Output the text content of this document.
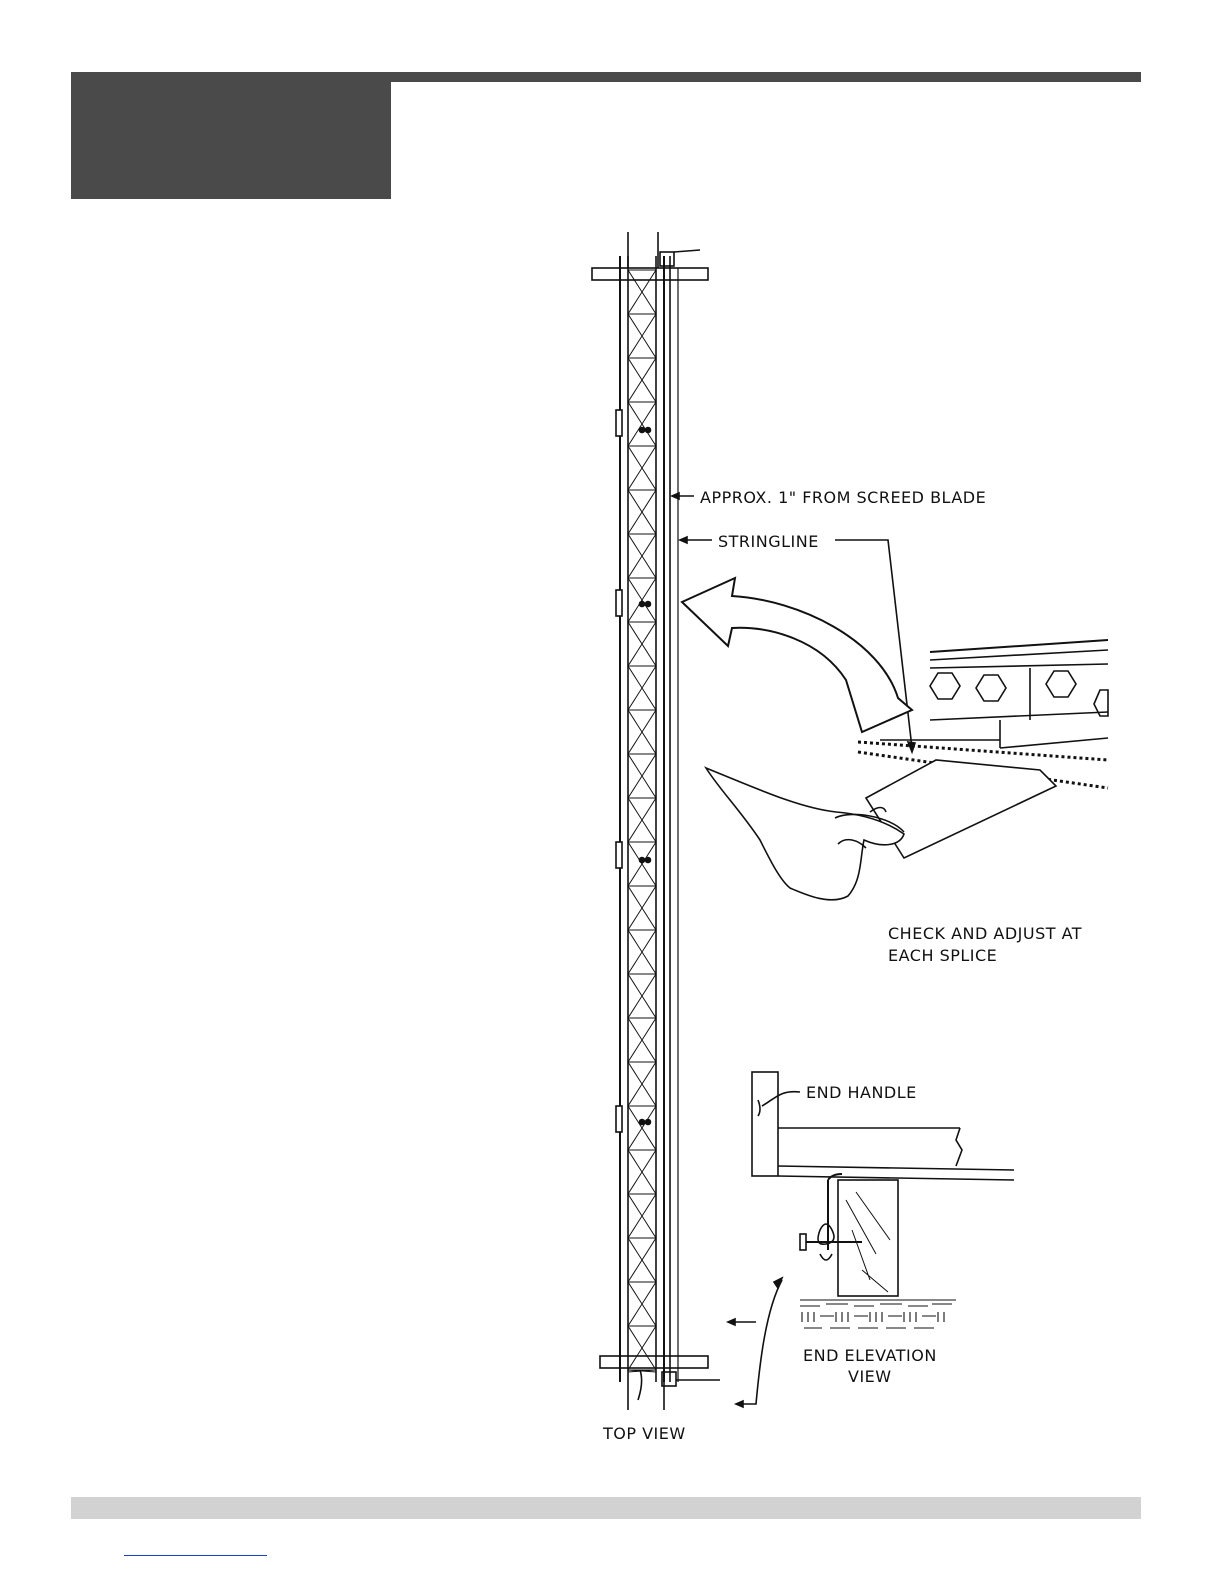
APPROX. 1" FROM SCREED BLADE
STRINGLINE
CHECK AND ADJUST AT
EACH SPLICE
END HANDLE
END ELEVATION
VIEW
TOP VIEW
